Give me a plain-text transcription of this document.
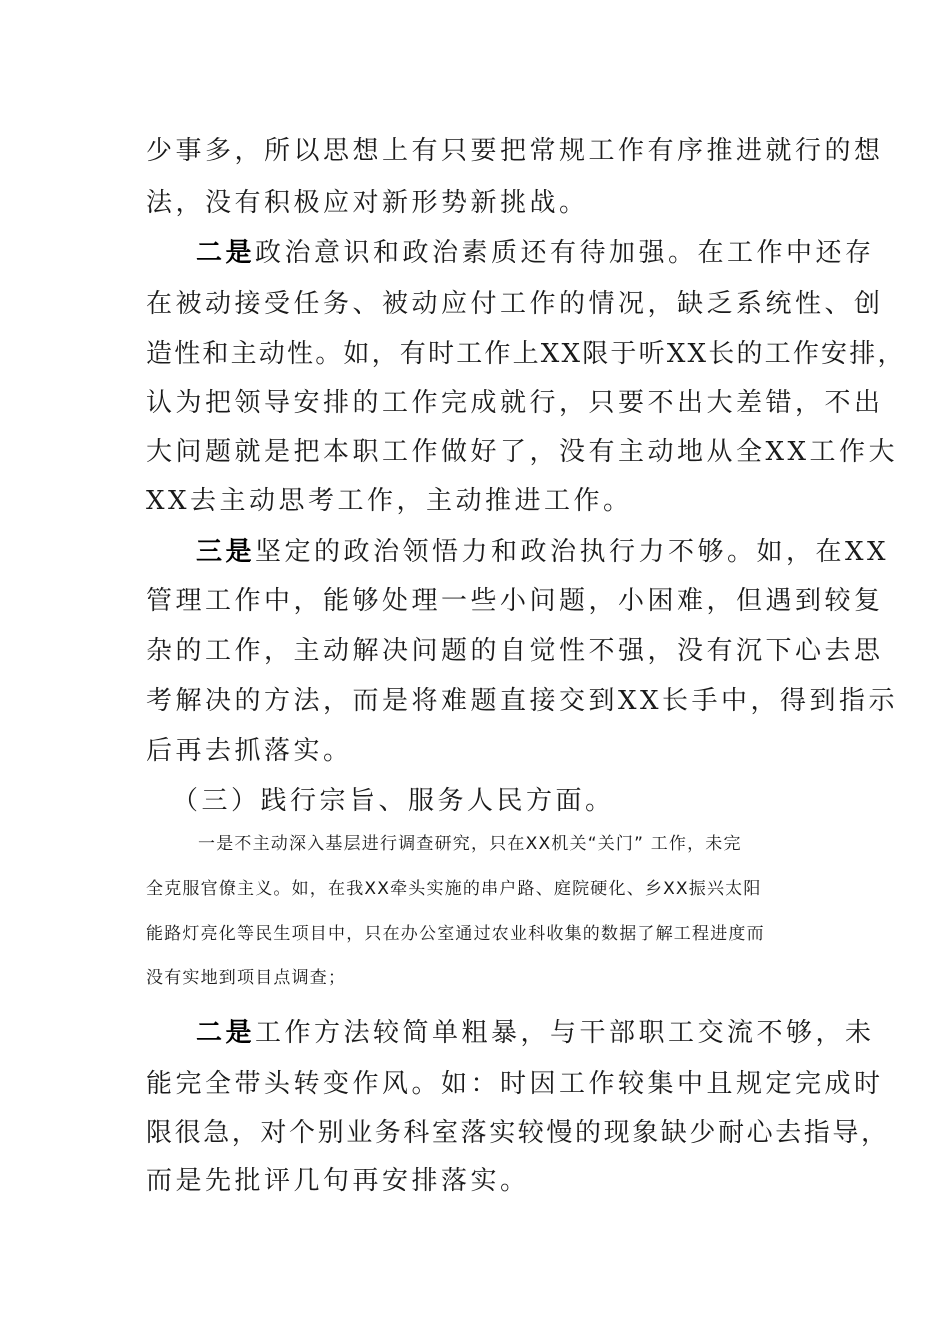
少事多，所以思想上有只要把常规工作有序推进就行的想
法，没有积极应对新形势新挑战。
二是政治意识和政治素质还有待加强。在工作中还存
在被动接受任务、被动应付工作的情况，缺乏系统性、创
造性和主动性。如，有时工作上XX限于听XX长的工作安排，
认为把领导安排的工作完成就行，只要不出大差错，不出
大问题就是把本职工作做好了，没有主动地从全XX工作大
XX去主动思考工作，主动推进工作。
三是坚定的政治领悟力和政治执行力不够。如，在XX
管理工作中，能够处理一些小问题，小困难，但遇到较复
杂的工作，主动解决问题的自觉性不强，没有沉下心去思
考解决的方法，而是将难题直接交到XX长手中，得到指示
后再去抓落实。
（三）践行宗旨、服务人民方面。
一是不主动深入基层进行调查研究，只在XX机关“关门” 工作，未完
全克服官僚主义。如，在我XX牵头实施的串户路、庭院硬化、乡XX振兴太阳
能路灯亮化等民生项目中，只在办公室通过农业科收集的数据了解工程进度而
没有实地到项目点调查；
二是工作方法较简单粗暴，与干部职工交流不够，未
能完全带头转变作风。如：时因工作较集中且规定完成时
限很急，对个别业务科室落实较慢的现象缺少耐心去指导，
而是先批评几句再安排落实。
